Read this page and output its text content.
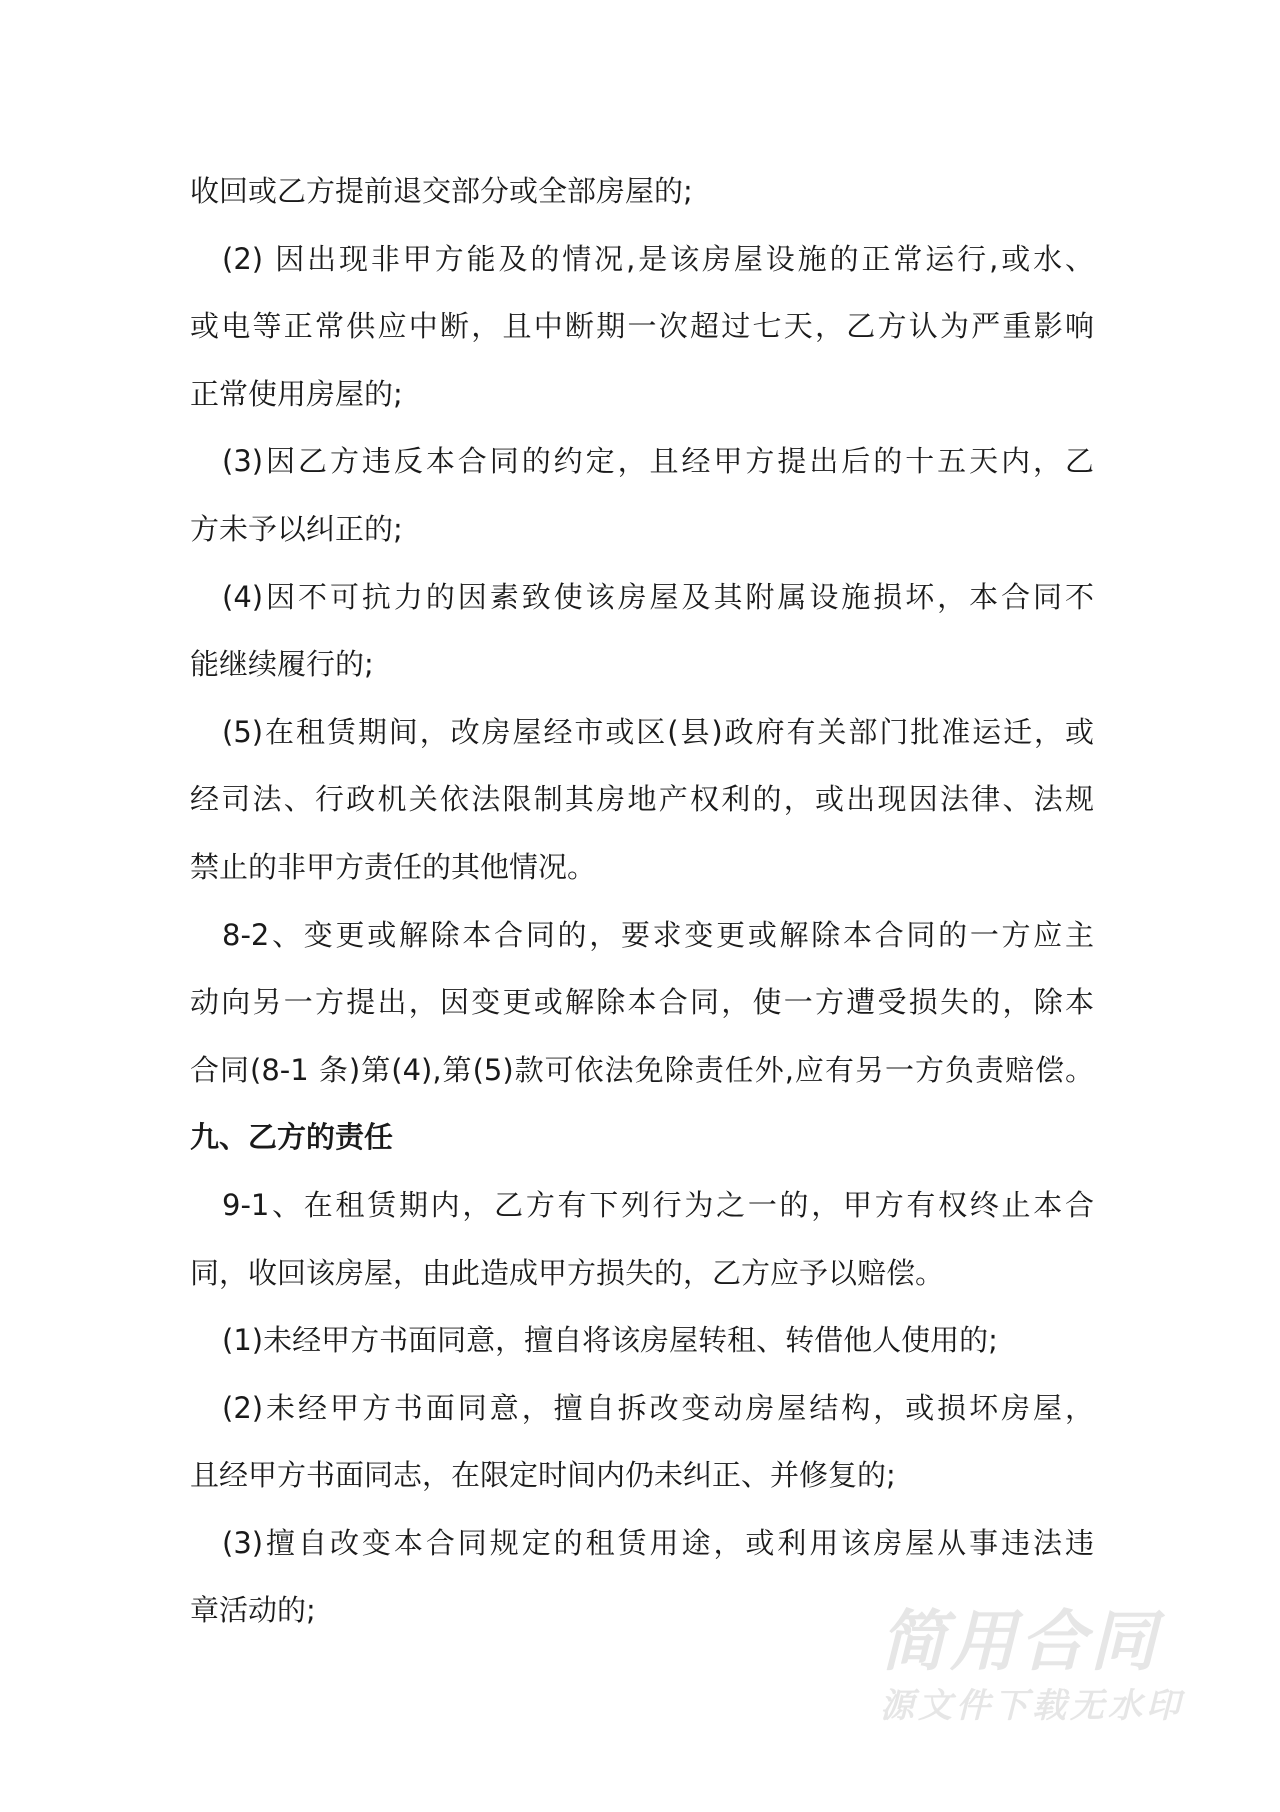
收回或乙方提前退交部分或全部房屋的;
(2) 因出现非甲方能及的情况,是该房屋设施的正常运行,或水、
或电等正常供应中断，且中断期一次超过七天，乙方认为严重影响
正常使用房屋的;
(3)因乙方违反本合同的约定，且经甲方提出后的十五天内，乙
方未予以纠正的;
(4)因不可抗力的因素致使该房屋及其附属设施损坏，本合同不
能继续履行的;
(5)在租赁期间，改房屋经市或区(县)政府有关部门批准运迁，或
经司法、行政机关依法限制其房地产权利的，或出现因法律、法规
禁止的非甲方责任的其他情况。
8-2、变更或解除本合同的，要求变更或解除本合同的一方应主
动向另一方提出，因变更或解除本合同，使一方遭受损失的，除本
合同(8-1 条)第(4),第(5)款可依法免除责任外,应有另一方负责赔偿。
九、乙方的责任
9-1、在租赁期内，乙方有下列行为之一的，甲方有权终止本合
同，收回该房屋，由此造成甲方损失的，乙方应予以赔偿。
(1)未经甲方书面同意，擅自将该房屋转租、转借他人使用的;
(2)未经甲方书面同意，擅自拆改变动房屋结构，或损坏房屋，
且经甲方书面同志，在限定时间内仍未纠正、并修复的;
(3)擅自改变本合同规定的租赁用途，或利用该房屋从事违法违
章活动的;	简用合同
源文件下载无水印
